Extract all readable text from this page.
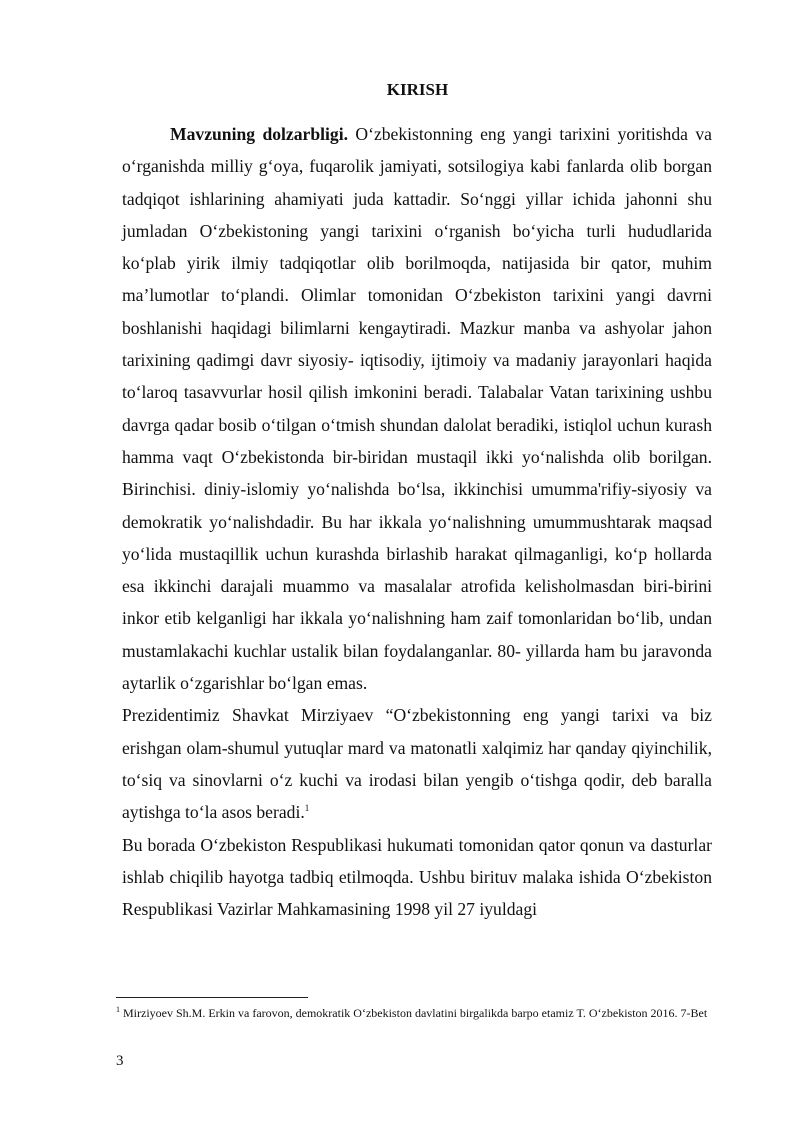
KIRISH

Mavzuning dolzarbligi. O‘zbekistonning eng yangi tarixini yoritishda va o‘rganishda milliy g‘oya, fuqarolik jamiyati, sotsilogiya kabi fanlarda olib borgan tadqiqot ishlarining ahamiyati juda kattadir. So‘nggi yillar ichida jahonni shu jumladan O‘zbekistoning yangi tarixini o‘rganish bo‘yicha turli hududlarida ko‘plab yirik ilmiy tadqiqotlar olib borilmoqda, natijasida bir qator, muhim ma’lumotlar to‘plandi. Olimlar tomonidan O‘zbekiston tarixini yangi davrni boshlanishi haqidagi bilimlarni kengaytiradi. Mazkur manba va ashyolar jahon tarixining qadimgi davr siyosiy- iqtisodiy, ijtimoiy va madaniy jarayonlari haqida to‘laroq tasavvurlar hosil qilish imkonini beradi. Talabalar Vatan tarixining ushbu davrga qadar bosib o‘tilgan o‘tmish shundan dalolat beradiki, istiqlol uchun kurash hamma vaqt O‘zbekistonda bir-biridan mustaqil ikki yo‘nalishda olib borilgan. Birinchisi. diniy-islomiy yo‘nalishda bo‘lsa, ikkinchisi umumma'rifiy-siyosiy va demokratik yo‘nalishdadir. Bu har ikkala yo‘nalishning umummushtarak maqsad yo‘lida mustaqillik uchun kurashda birlashib harakat qilmaganligi, ko‘p hollarda esa ikkinchi darajali muammo va masalalar atrofida kelisholmasdan biri-birini inkor etib kelganligi har ikkala yo‘nalishning ham zaif tomonlaridan bo‘lib, undan mustamlakachi kuchlar ustalik bilan foydalanganlar. 80- yillarda ham bu jaravonda aytarlik o‘zgarishlar bo‘lgan emas.

Prezidentimiz Shavkat Mirziyaev “O‘zbekistonning eng yangi tarixi va biz erishgan olam-shumul yutuqlar mard va matonatli xalqimiz har qanday qiyinchilik, to‘siq va sinovlarni o‘z kuchi va irodasi bilan yengib o‘tishga qodir, deb baralla aytishga to‘la asos beradi.$^1$

Bu borada O‘zbekiston Respublikasi hukumati tomonidan qator qonun va dasturlar ishlab chiqilib hayotga tadbiq etilmoqda. Ushbu birituv malaka ishida O‘zbekiston Respublikasi Vazirlar Mahkamasining 1998 yil 27 iyuldagi

$^1$ Mirziyoev Sh.M. Erkin va farovon, demokratik O‘zbekiston davlatini birgalikda barpo etamiz T. O‘zbekiston 2016. 7-Bet

3
